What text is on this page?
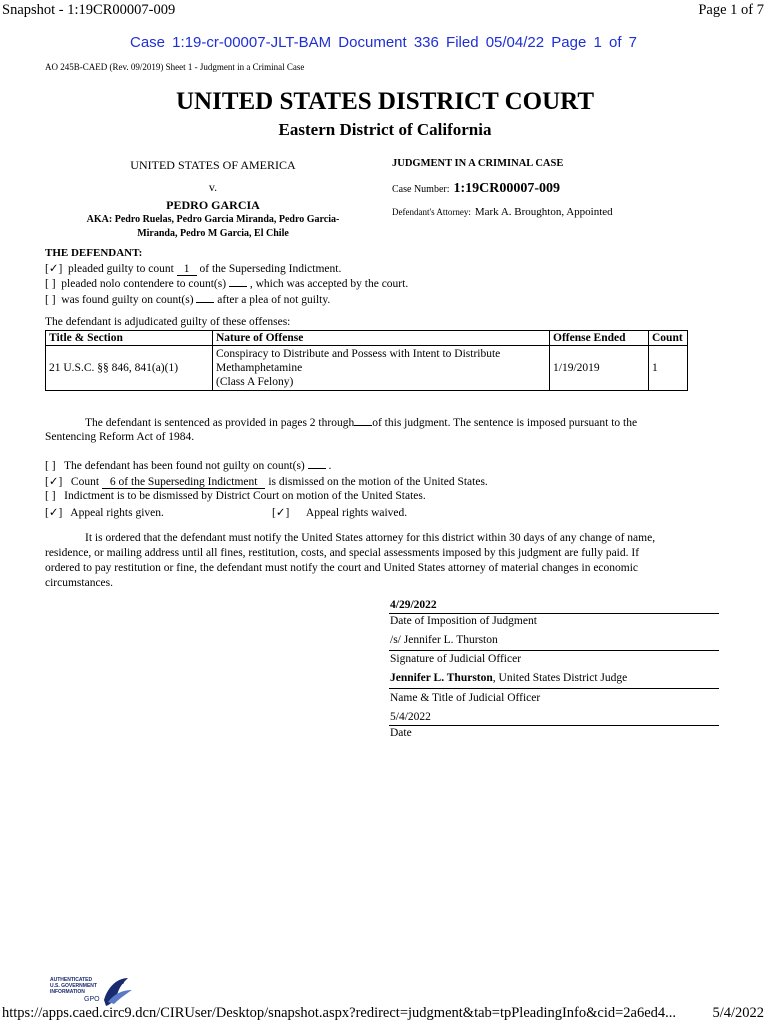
Snapshot - 1:19CR00007-009	Page 1 of 7
Case 1:19-cr-00007-JLT-BAM Document 336 Filed 05/04/22 Page 1 of 7
AO 245B-CAED (Rev. 09/2019) Sheet 1 - Judgment in a Criminal Case
UNITED STATES DISTRICT COURT
Eastern District of California
UNITED STATES OF AMERICA
v.
PEDRO GARCIA
AKA: Pedro Ruelas, Pedro Garcia Miranda, Pedro Garcia-
Miranda, Pedro M Garcia, El Chile
JUDGMENT IN A CRIMINAL CASE
Case Number: 1:19CR00007-009
Defendant's Attorney: Mark A. Broughton, Appointed
THE DEFENDANT:
[✓] pleaded guilty to count 1 of the Superseding Indictment.
[ ] pleaded nolo contendere to count(s) , which was accepted by the court.
[ ] was found guilty on count(s) after a plea of not guilty.
The defendant is adjudicated guilty of these offenses:
Title & Section	Nature of Offense	Offense Ended	Count
21 U.S.C. §§ 846, 841(a)(1)	Conspiracy to Distribute and Possess with Intent to Distribute
Methamphetamine
(Class A Felony)	1/19/2019	1
The defendant is sentenced as provided in pages 2 through of this judgment. The sentence is imposed pursuant to the
Sentencing Reform Act of 1984.
[ ] The defendant has been found not guilty on count(s) .
[✓] Count 6 of the Superseding Indictment is dismissed on the motion of the United States.
[ ] Indictment is to be dismissed by District Court on motion of the United States.
[✓] Appeal rights given.	[✓] Appeal rights waived.
It is ordered that the defendant must notify the United States attorney for this district within 30 days of any change of name,
residence, or mailing address until all fines, restitution, costs, and special assessments imposed by this judgment are fully paid. If
ordered to pay restitution or fine, the defendant must notify the court and United States attorney of material changes in economic
circumstances.
4/29/2022
Date of Imposition of Judgment
/s/ Jennifer L. Thurston
Signature of Judicial Officer
Jennifer L. Thurston, United States District Judge
Name & Title of Judicial Officer
5/4/2022
Date
AUTHENTICATED
U.S. GOVERNMENT
INFORMATION
GPO
https://apps.caed.circ9.dcn/CIRUser/Desktop/snapshot.aspx?redirect=judgment&tab=tpPleadingInfo&cid=2a6ed4...	5/4/2022
